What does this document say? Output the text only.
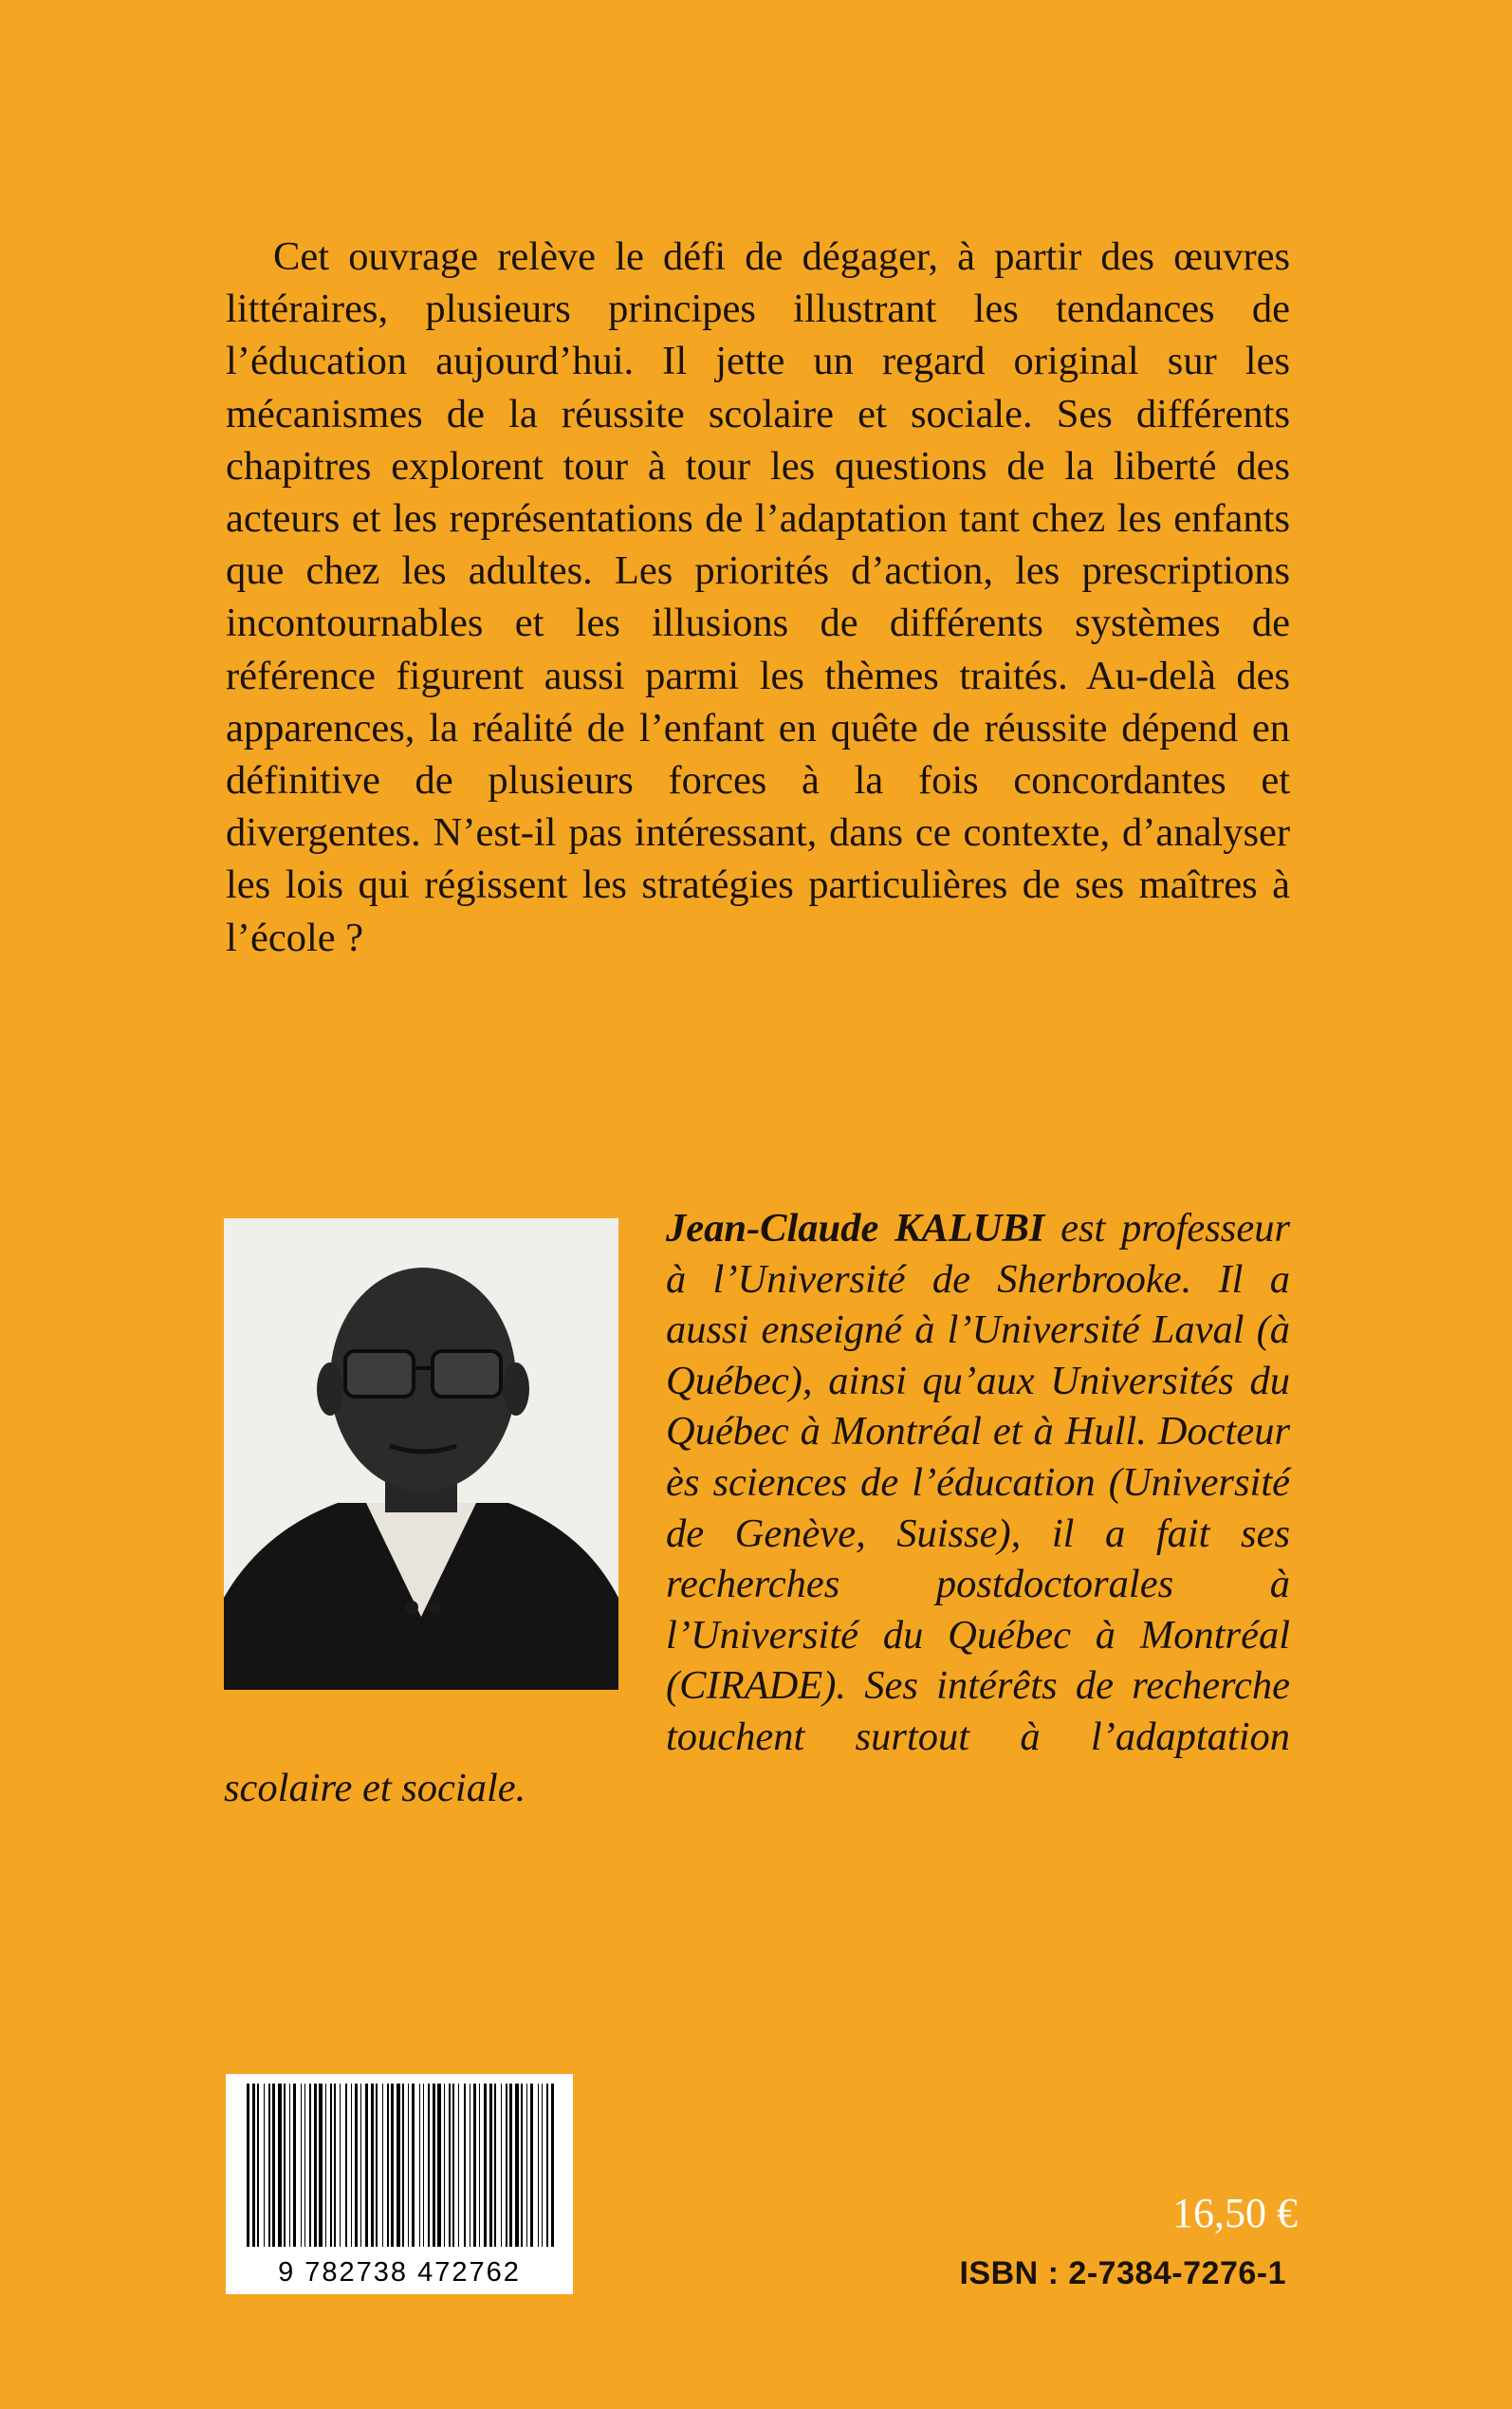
Cet ouvrage relève le défi de dégager, à partir des œuvres littéraires, plusieurs principes illustrant les tendances de l’éducation aujourd’hui. Il jette un regard original sur les mécanismes de la réussite scolaire et sociale. Ses différents chapitres explorent tour à tour les questions de la liberté des acteurs et les représentations de l’adaptation tant chez les enfants que chez les adultes. Les priorités d’action, les prescriptions incontournables et les illusions de différents systèmes de référence figurent aussi parmi les thèmes traités. Au-delà des apparences, la réalité de l’enfant en quête de réussite dépend en définitive de plusieurs forces à la fois concordantes et divergentes. N’est-il pas intéressant, dans ce contexte, d’analyser les lois qui régissent les stratégies particulières de ses maîtres à l’école ?

Jean-Claude KALUBI est professeur à l’Université de Sherbrooke. Il a aussi enseigné à l’Université Laval (à Québec), ainsi qu’aux Universités du Québec à Montréal et à Hull. Docteur ès sciences de l’éducation (Université de Genève, Suisse), il a fait ses recherches postdoctorales à l’Université du Québec à Montréal (CIRADE). Ses intérêts de recherche touchent surtout à l’adaptation scolaire et sociale.

9 782738 472762
16,50 €
ISBN : 2-7384-7276-1
